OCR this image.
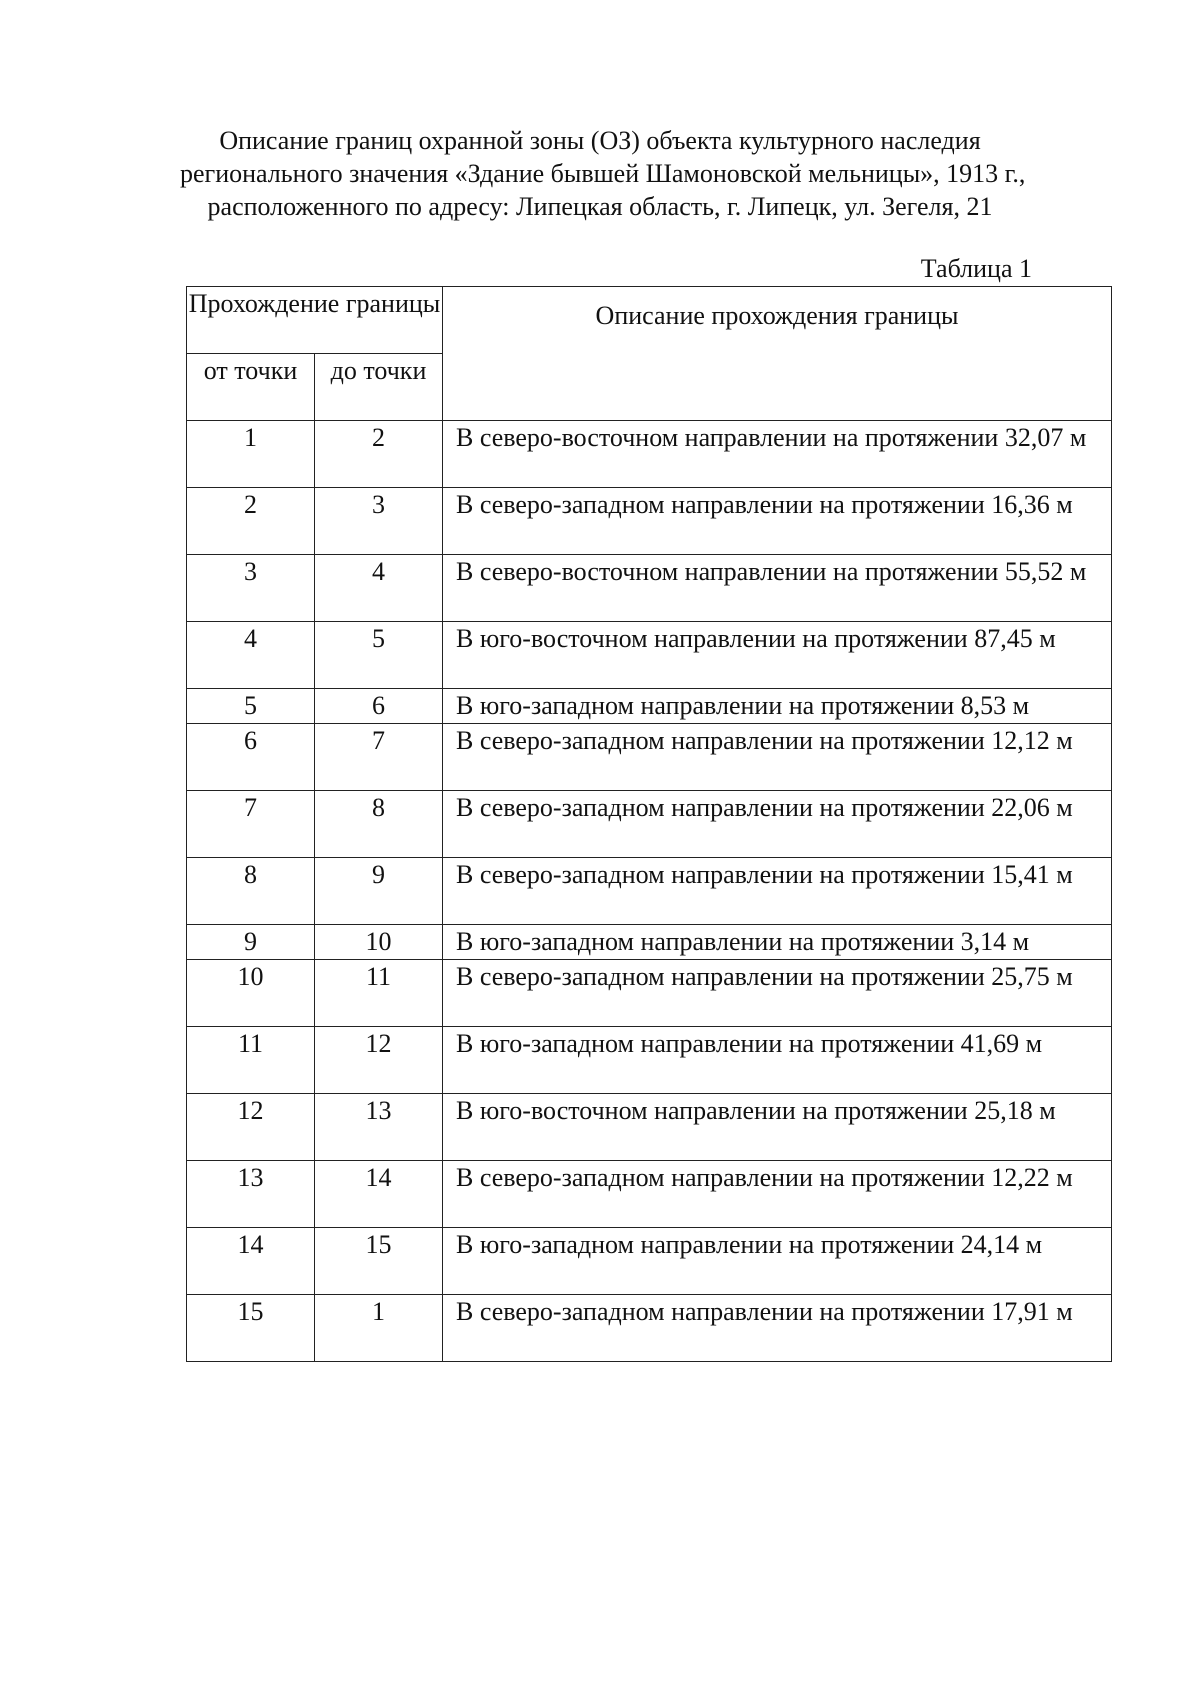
Описание границ охранной зоны (ОЗ) объекта культурного наследия
регионального значения «Здание бывшей Шамоновской мельницы», 1913 г.,
расположенного по адресу: Липецкая область, г. Липецк, ул. Зегеля, 21
Таблица 1
Прохождение границы		Описание прохождения границы
от точки	до точки	
1	2	В северо-восточном направлении на протяжении 32,07 м
2	3	В северо-западном направлении на протяжении 16,36 м
3	4	В северо-восточном направлении на протяжении 55,52 м
4	5	В юго-восточном направлении на протяжении 87,45 м
5	6	В юго-западном направлении на протяжении 8,53 м
6	7	В северо-западном направлении на протяжении 12,12 м
7	8	В северо-западном направлении на протяжении 22,06 м
8	9	В северо-западном направлении на протяжении 15,41 м
9	10	В юго-западном направлении на протяжении 3,14 м
10	11	В северо-западном направлении на протяжении 25,75 м
11	12	В юго-западном направлении на протяжении 41,69 м
12	13	В юго-восточном направлении на протяжении 25,18 м
13	14	В северо-западном направлении на протяжении 12,22 м
14	15	В юго-западном направлении на протяжении 24,14 м
15	1	В северо-западном направлении на протяжении 17,91 м
